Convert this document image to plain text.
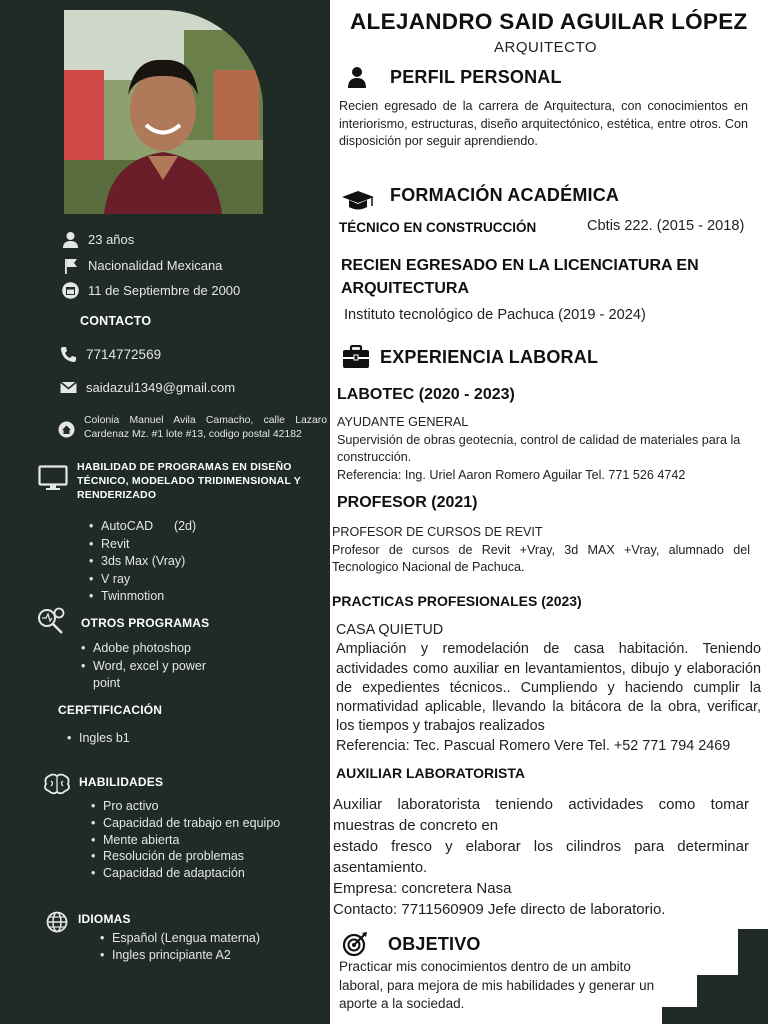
23 años
Nacionalidad Mexicana
11 de Septiembre de 2000
CONTACTO
7714772569
saidazul1349@gmail.com
Colonia Manuel Avila Camacho, calle Lazaro Cardenaz Mz. #1 lote #13, codigo postal 42182
HABILIDAD DE PROGRAMAS EN DISEÑO TÉCNICO, MODELADO TRIDIMENSIONAL Y RENDERIZADO
• AutoCAD      (2d)
• Revit
• 3ds Max (Vray)
• V ray
• Twinmotion
OTROS PROGRAMAS
• Adobe photoshop
• Word, excel y power point
CERFTIFICACIÓN
• Ingles b1
HABILIDADES
• Pro activo
• Capacidad de trabajo en equipo
• Mente abierta
• Resolución de problemas
• Capacidad de adaptación
IDIOMAS
• Español (Lengua materna)
• Ingles principiante A2
ALEJANDRO SAID AGUILAR LÓPEZ
ARQUITECTO
PERFIL PERSONAL
Recien egresado de la carrera de Arquitectura, con conocimientos en interiorismo, estructuras, diseño arquitectónico, estética, entre otros. Con disposición por seguir aprendiendo.
FORMACIÓN ACADÉMICA
TÉCNICO EN CONSTRUCCIÓN	Cbtis 222. (2015 - 2018)
RECIEN EGRESADO EN LA LICENCIATURA EN ARQUITECTURA
Instituto tecnológico de Pachuca (2019 - 2024)
EXPERIENCIA LABORAL
LABOTEC (2020 - 2023)
AYUDANTE GENERAL
Supervisión de obras geotecnia, control de calidad de materiales para la construcción.
Referencia: Ing. Uriel Aaron Romero Aguilar Tel. 771 526 4742
PROFESOR (2021)
PROFESOR DE CURSOS DE REVIT
Profesor de cursos de Revit +Vray, 3d MAX +Vray, alumnado del Tecnologico Nacional de Pachuca.
PRACTICAS PROFESIONALES (2023)
CASA QUIETUD
Ampliación y remodelación de casa habitación. Teniendo actividades como auxiliar en levantamientos, dibujo y elaboración de expedientes técnicos.. Cumpliendo y haciendo cumplir la normatividad aplicable, llevando la bitácora de la obra, verificar, los tiempos y trabajos realizados
Referencia: Tec. Pascual Romero Vere Tel. +52 771 794 2469
AUXILIAR LABORATORISTA
Auxiliar laboratorista teniendo actividades como tomar muestras de concreto en
estado fresco y elaborar los cilindros para determinar asentamiento.
Empresa: concretera Nasa
Contacto: 7711560909 Jefe directo de laboratorio.
OBJETIVO
Practicar mis conocimientos dentro de un ambito laboral, para mejora de mis habilidades y generar un aporte a la sociedad.
